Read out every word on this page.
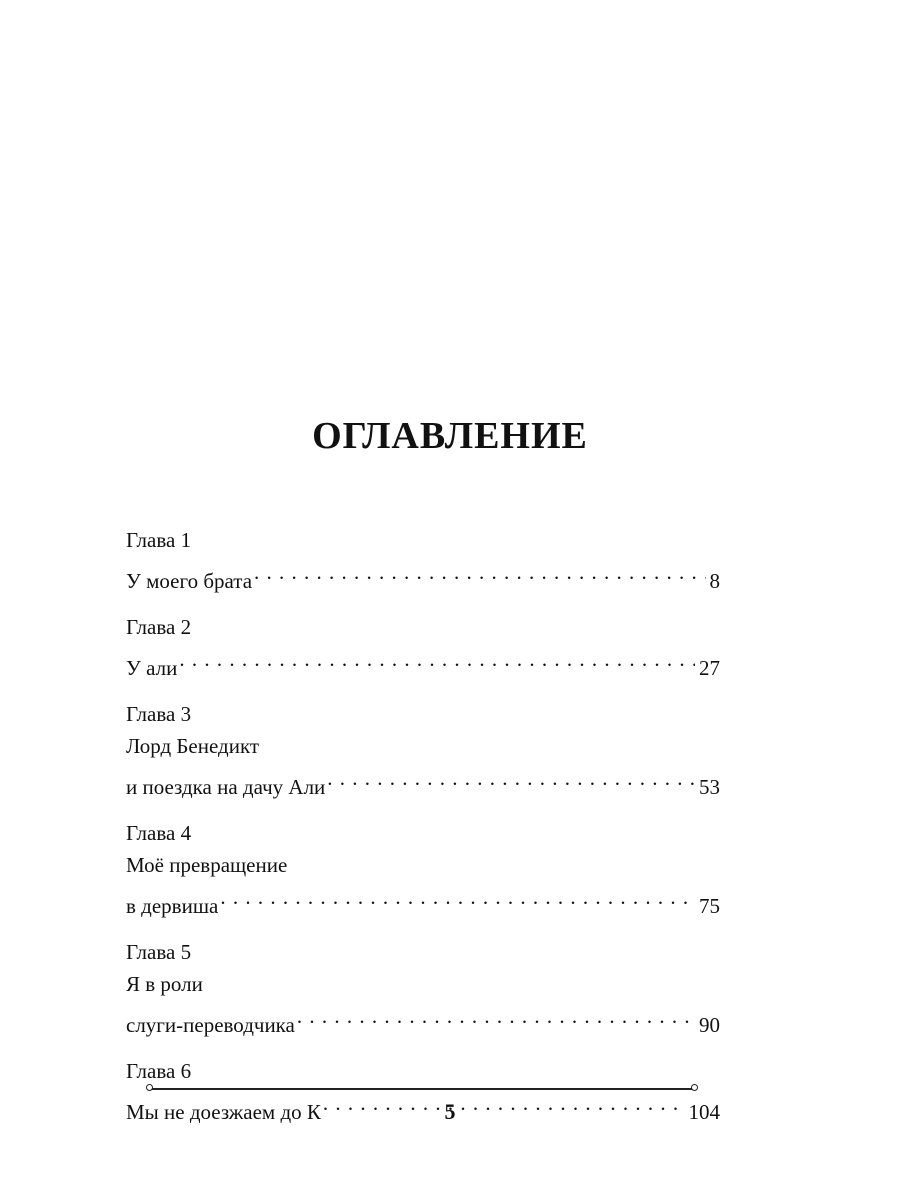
ОГЛАВЛЕНИЕ
Глава 1
У моего брата . . .	8
Глава 2
У али . . .	27
Глава 3
Лорд Бенедикт
и поездка на дачу Али . . .	53
Глава 4
Моё превращение
в дервиша . . .	75
Глава 5
Я в роли
слуги-переводчика . . .	90
Глава 6
Мы не доезжаем до К . . .	104
5
